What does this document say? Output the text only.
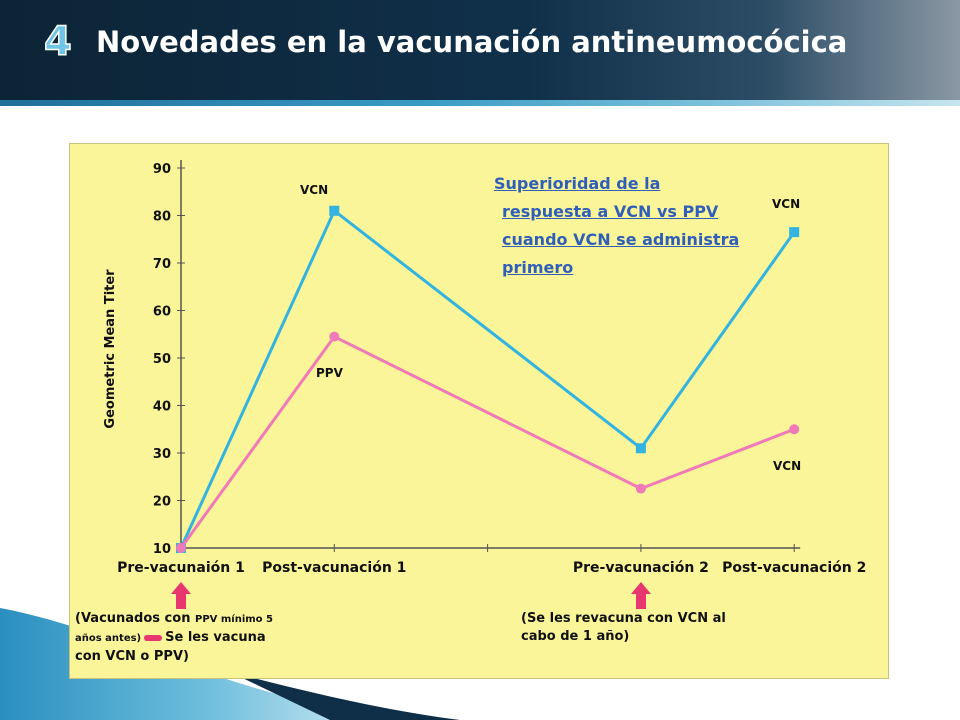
4 Novedades en la vacunación antineumocócica
10
20
30
40
50
60
70
80
90
Geometric Mean Titer
VCN
PPV
VCN
VCN
Pre-vacunaión 1 Post-vacunación 1	Pre-vacunación 2 Post-vacunación 2
Superioridad de la
respuesta a VCN vs PPV
cuando VCN se administra
primero
(Vacunados con PPV mínimo 5
años antes) Se les vacuna
con VCN o PPV)
(Se les revacuna con VCN al
cabo de 1 año)
